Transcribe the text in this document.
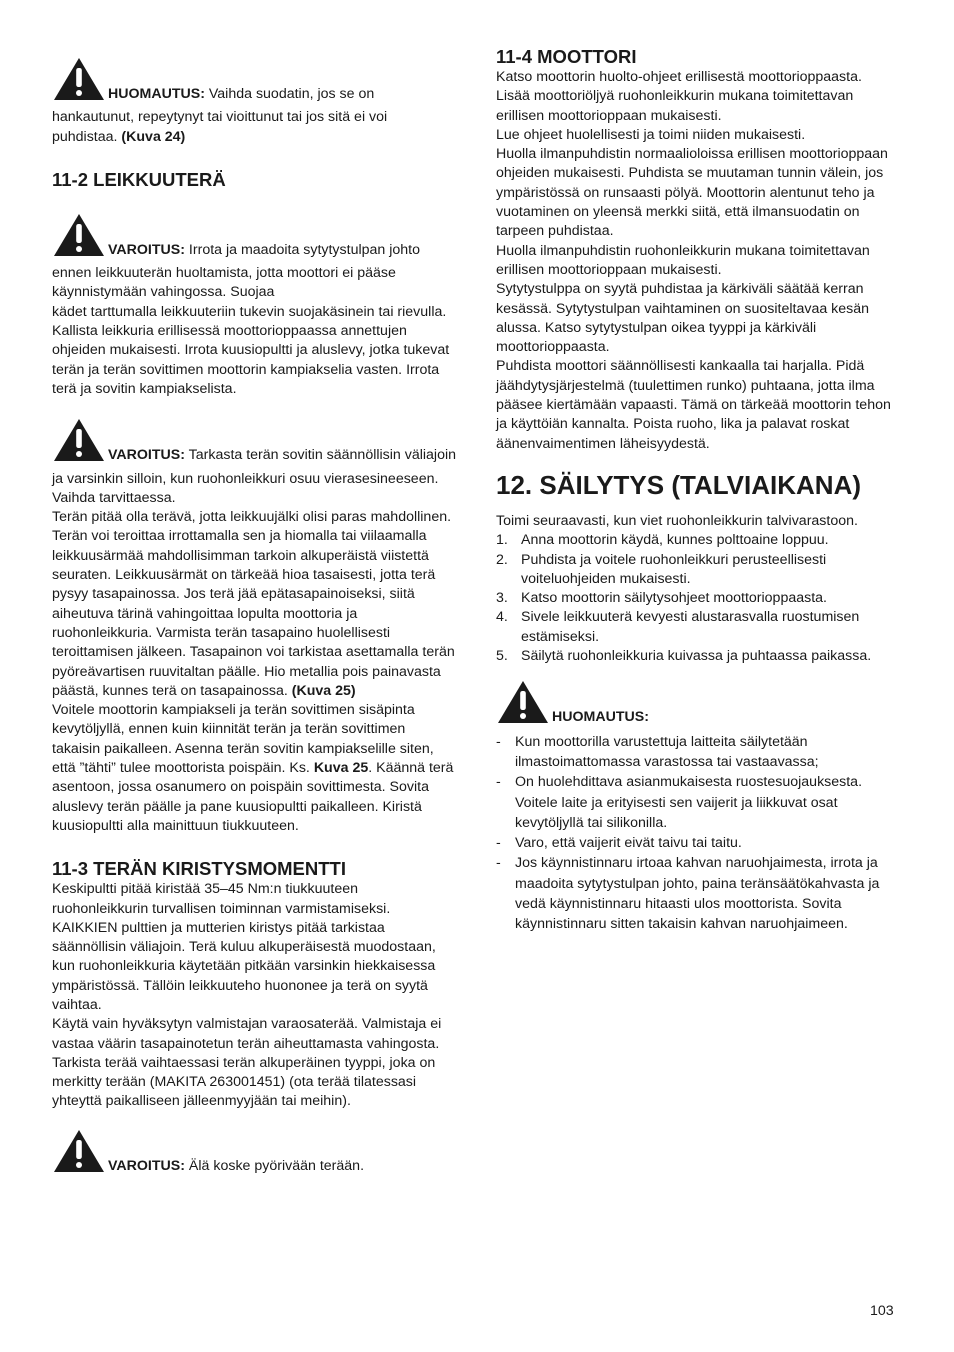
HUOMAUTUS: Vaihda suodatin, jos se on hankautunut, repeytynyt tai vioittunut tai jos sitä ei voi puhdistaa. (Kuva 24)

11-2 LEIKKUUTERÄ

VAROITUS: Irrota ja maadoita sytytystulpan johto ennen leikkuuterän huoltamista, jotta moottori ei pääse käynnistymään vahingossa. Suojaa

kädet tarttumalla leikkuuteriin tukevin suojakäsinein tai rievulla.

Kallista leikkuria erillisessä moottorioppaassa annettujen ohjeiden mukaisesti. Irrota kuusiopultti ja aluslevy, jotka tukevat terän ja terän sovittimen moottorin kampiakselia vasten. Irrota terä ja sovitin kampiakselista.

VAROITUS: Tarkasta terän sovitin säännöllisin väliajoin ja varsinkin silloin, kun ruohonleikkuri osuu vierasesineeseen. Vaihda tarvittaessa.

Terän pitää olla terävä, jotta leikkuujälki olisi paras mahdollinen. Terän voi teroittaa irrottamalla sen ja hiomalla tai viilaamalla leikkuusärmää mahdollisimman tarkoin alkuperäistä viistettä seuraten. Leikkuusärmät on tärkeää hioa tasaisesti, jotta terä pysyy tasapainossa. Jos terä jää epätasapainoiseksi, siitä aiheutuva tärinä vahingoittaa lopulta moottoria ja ruohonleikkuria. Varmista terän tasapaino huolellisesti teroittamisen jälkeen. Tasapainon voi tarkistaa asettamalla terän pyöreävartisen ruuvitaltan päälle. Hio metallia pois painavasta päästä, kunnes terä on tasapainossa. (Kuva 25)

Voitele moottorin kampiakseli ja terän sovittimen sisäpinta kevytöljyllä, ennen kuin kiinnität terän ja terän sovittimen takaisin paikalleen. Asenna terän sovitin kampiakselille siten, että ”tähti” tulee moottorista poispäin. Ks. Kuva 25. Käännä terä asentoon, jossa osanumero on poispäin sovittimesta. Sovita aluslevy terän päälle ja pane kuusiopultti paikalleen. Kiristä kuusiopultti alla mainittuun tiukkuuteen.

11-3 TERÄN KIRISTYSMOMENTTI

Keskipultti pitää kiristää 35–45 Nm:n tiukkuuteen ruohonleikkurin turvallisen toiminnan varmistamiseksi. KAIKKIEN pulttien ja mutterien kiristys pitää tarkistaa säännöllisin väliajoin. Terä kuluu alkuperäisestä muodostaan, kun ruohonleikkuria käytetään pitkään varsinkin hiekkaisessa ympäristössä. Tällöin leikkuuteho huononee ja terä on syytä vaihtaa.

Käytä vain hyväksytyn valmistajan varaosaterää. Valmistaja ei vastaa väärin tasapainotetun terän aiheuttamasta vahingosta.

Tarkista terää vaihtaessasi terän alkuperäinen tyyppi, joka on merkitty terään (MAKITA 263001451) (ota terää tilatessasi yhteyttä paikalliseen jälleenmyyjään tai meihin).

VAROITUS: Älä koske pyörivään terään.

11-4 MOOTTORI

Katso moottorin huolto-ohjeet erillisestä moottorioppaasta.

Lisää moottoriöljyä ruohonleikkurin mukana toimitettavan erillisen moottorioppaan mukaisesti.

Lue ohjeet huolellisesti ja toimi niiden mukaisesti.

Huolla ilmanpuhdistin normaalioloissa erillisen moottorioppaan ohjeiden mukaisesti. Puhdista se muutaman tunnin välein, jos ympäristössä on runsaasti pölyä. Moottorin alentunut teho ja vuotaminen on yleensä merkki siitä, että ilmansuodatin on tarpeen puhdistaa.

Huolla ilmanpuhdistin ruohonleikkurin mukana toimitettavan erillisen moottorioppaan mukaisesti.

Sytytystulppa on syytä puhdistaa ja kärkiväli säätää kerran kesässä. Sytytystulpan vaihtaminen on suositeltavaa kesän alussa. Katso sytytystulpan oikea tyyppi ja kärkiväli moottorioppaasta.

Puhdista moottori säännöllisesti kankaalla tai harjalla. Pidä jäähdytysjärjestelmä (tuulettimen runko) puhtaana, jotta ilma pääsee kiertämään vapaasti. Tämä on tärkeää moottorin tehon ja käyttöiän kannalta. Poista ruoho, lika ja palavat roskat äänenvaimentimen läheisyydestä.

12. SÄILYTYS (TALVIAIKANA)

Toimi seuraavasti, kun viet ruohonleikkurin talvivarastoon.

1. Anna moottorin käydä, kunnes polttoaine loppuu.
2. Puhdista ja voitele ruohonleikkuri perusteellisesti voiteluohjeiden mukaisesti.
3. Katso moottorin säilytysohjeet moottorioppaasta.
4. Sivele leikkuuterä kevyesti alustarasvalla ruostumisen estämiseksi.
5. Säilytä ruohonleikkuria kuivassa ja puhtaassa paikassa.
HUOMAUTUS:
- Kun moottorilla varustettuja laitteita säilytetään ilmastoimattomassa varastossa tai vastaavassa;
- On huolehdittava asianmukaisesta ruostesuojauksesta. Voitele laite ja erityisesti sen vaijerit ja liikkuvat osat kevytöljyllä tai silikonilla.
- Varo, että vaijerit eivät taivu tai taitu.
- Jos käynnistinnaru irtoaa kahvan naruohjaimesta, irrota ja maadoita sytytystulpan johto, paina teränsäätökahvasta ja vedä käynnistinnaru hitaasti ulos moottorista. Sovita käynnistinnaru sitten takaisin kahvan naruohjaimeen.
103
